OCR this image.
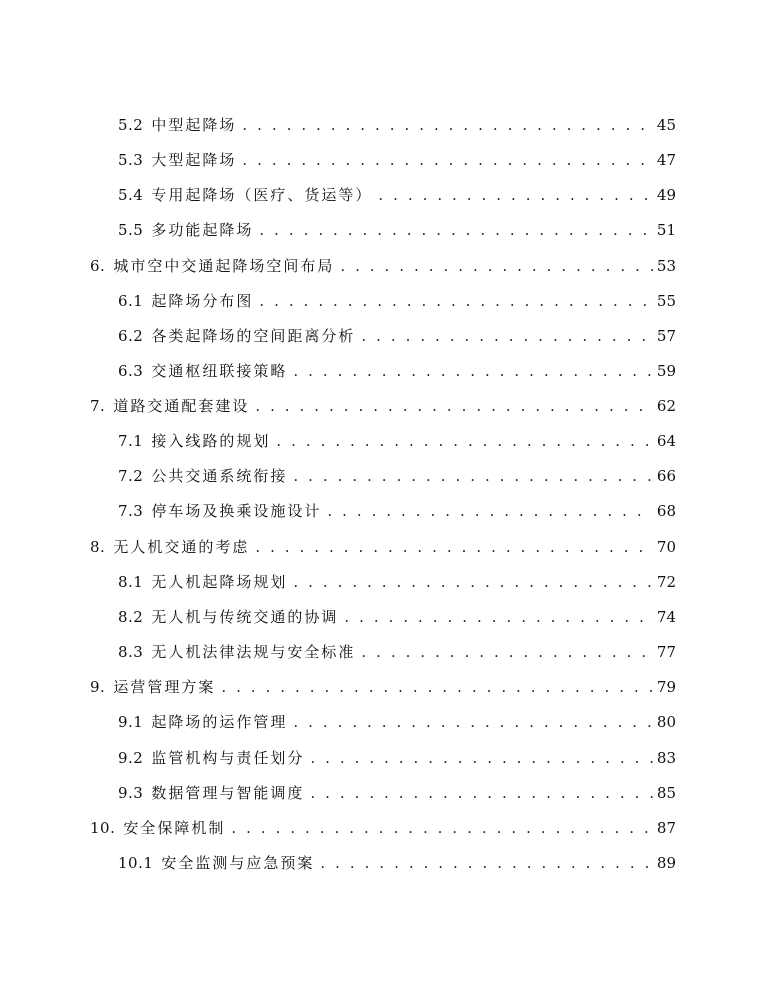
5.2 中型起降场 . . .	45
5.3 大型起降场 . . .	47
5.4 专用起降场（医疗、货运等） . . .	49
5.5 多功能起降场 . . .	51
6. 城市空中交通起降场空间布局 . . .	53
6.1 起降场分布图 . . .	55
6.2 各类起降场的空间距离分析 . . .	57
6.3 交通枢纽联接策略 . . .	59
7. 道路交通配套建设 . . .	62
7.1 接入线路的规划 . . .	64
7.2 公共交通系统衔接 . . .	66
7.3 停车场及换乘设施设计 . . .	68
8. 无人机交通的考虑 . . .	70
8.1 无人机起降场规划 . . .	72
8.2 无人机与传统交通的协调 . . .	74
8.3 无人机法律法规与安全标准 . . .	77
9. 运营管理方案 . . .	79
9.1 起降场的运作管理 . . .	80
9.2 监管机构与责任划分 . . .	83
9.3 数据管理与智能调度 . . .	85
10. 安全保障机制 . . .	87
10.1 安全监测与应急预案 . . .	89
